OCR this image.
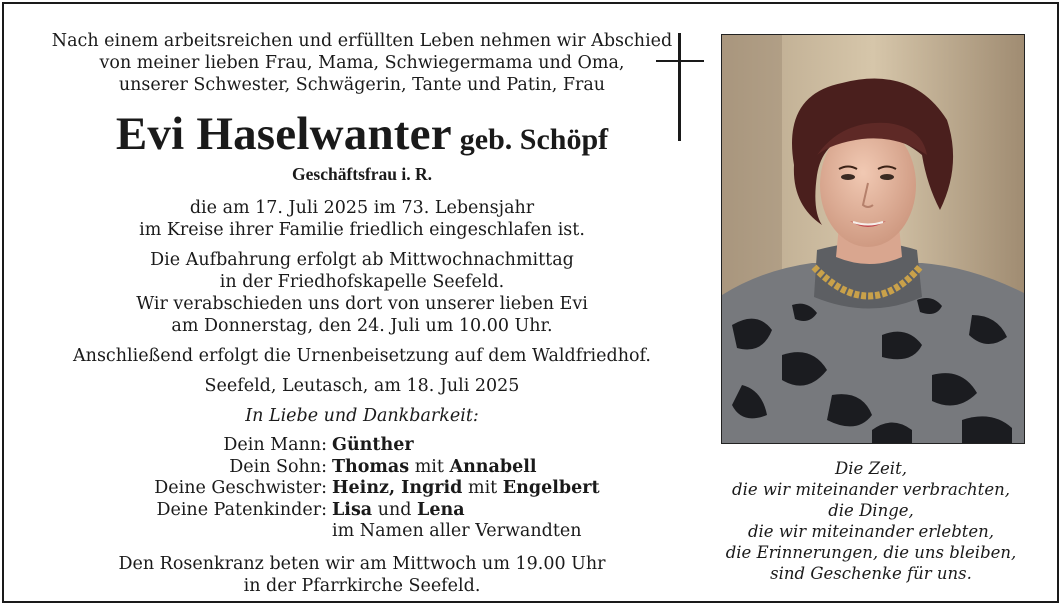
Nach einem arbeitsreichen und erfüllten Leben nehmen wir Abschied

von meiner lieben Frau, Mama, Schwiegermama und Oma,

unserer Schwester, Schwägerin, Tante und Patin, Frau

Evi Haselwanter geb. Schöpf
Geschäftsfrau i. R.

die am 17. Juli 2025 im 73. Lebensjahr

im Kreise ihrer Familie friedlich eingeschlafen ist.

Die Aufbahrung erfolgt ab Mittwochnachmittag

in der Friedhofskapelle Seefeld.

Wir verabschieden uns dort von unserer lieben Evi

am Donnerstag, den 24. Juli um 10.00 Uhr.

Anschließend erfolgt die Urnenbeisetzung auf dem Waldfriedhof.

Seefeld, Leutasch, am 18. Juli 2025

In Liebe und Dankbarkeit:

Dein Mann: Günther
Dein Sohn: Thomas mit Annabell
Deine Geschwister: Heinz, Ingrid mit Engelbert
Deine Patenkinder: Lisa und Lena
im Namen aller Verwandten

Den Rosenkranz beten wir am Mittwoch um 19.00 Uhr

in der Pfarrkirche Seefeld.

Die Zeit,
die wir miteinander verbrachten,
die Dinge,
die wir miteinander erlebten,
die Erinnerungen, die uns bleiben,
sind Geschenke für uns.
